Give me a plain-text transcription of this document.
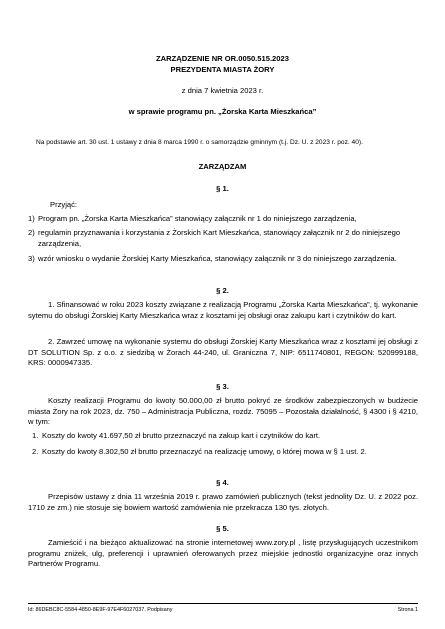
ZARZĄDZENIE NR OR.0050.515.2023
PREZYDENTA MIASTA ŻORY
z dnia 7 kwietnia 2023 r.
w sprawie programu pn. „Żorska Karta Mieszkańca”
Na podstawie art. 30 ust. 1 ustawy z dnia 8 marca 1990 r. o samorządzie gminnym (t.j. Dz. U. z 2023 r. poz. 40).
ZARZĄDZAM
§ 1.
Przyjąć:
1) Program pn. „Żorska Karta Mieszkańca” stanowiący załącznik nr 1 do niniejszego zarządzenia,
2) regulamin przyznawania i korzystania z Żorskich Kart Mieszkańca, stanowiący załącznik nr 2 do niniejszego zarządzenia,
3) wzór wniosku o wydanie Żorskiej Karty Mieszkańca, stanowiący załącznik nr 3 do niniejszego zarządzenia.
§ 2.
1. Sfinansować w roku 2023 koszty związane z realizacją Programu „Żorska Karta Mieszkańca”, tj. wykonanie sytemu do obsługi Żorskiej Karty Mieszkańca wraz z kosztami jej obsługi oraz zakupu kart i czytników do kart.
2. Zawrzeć umowę na wykonanie systemu do obsługi Żorskiej Karty Mieszkańca wraz z kosztami jej obsługi z DT SOLUTION Sp. z o.o. z siedzibą w Żorach 44-240, ul. Graniczna 7, NIP: 6511740801, REGON: 520999188, KRS: 0000947335.
§ 3.
Koszty realizacji Programu do kwoty 50.000,00 zł brutto pokryć ze środków zabezpieczonych w budżecie miasta Żory na rok 2023, dz. 750 – Administracja Publiczna, rozdz. 75095 – Pozostała działalność, § 4300 i § 4210, w tym:
1. Koszty do kwoty 41.697,50 zł brutto przeznaczyć na zakup kart i czytników do kart.
2. Koszty do kwoty 8.302,50 zł brutto przeznaczyć na realizację umowy, o której mowa w § 1 ust. 2.
§ 4.
Przepisów ustawy z dnia 11 września 2019 r. prawo zamówień publicznych (tekst jednolity Dz. U. z 2022 poz. 1710 ze zm.) nie stosuje się bowiem wartość zamówienia nie przekracza 130 tys. złotych.
§ 5.
Zamieścić i na bieżąco aktualizować na stronie internetowej www.zory.pl , listę przysługujących uczestnikom programu zniżek, ulg, preferencji i uprawnień oferowanych przez miejskie jednostki organizacyjne oraz innych Partnerów Programu.
Id: 86DEBC8C-5584-4850-8E9F-97E4F6027037. Podpisany	Strona 1
